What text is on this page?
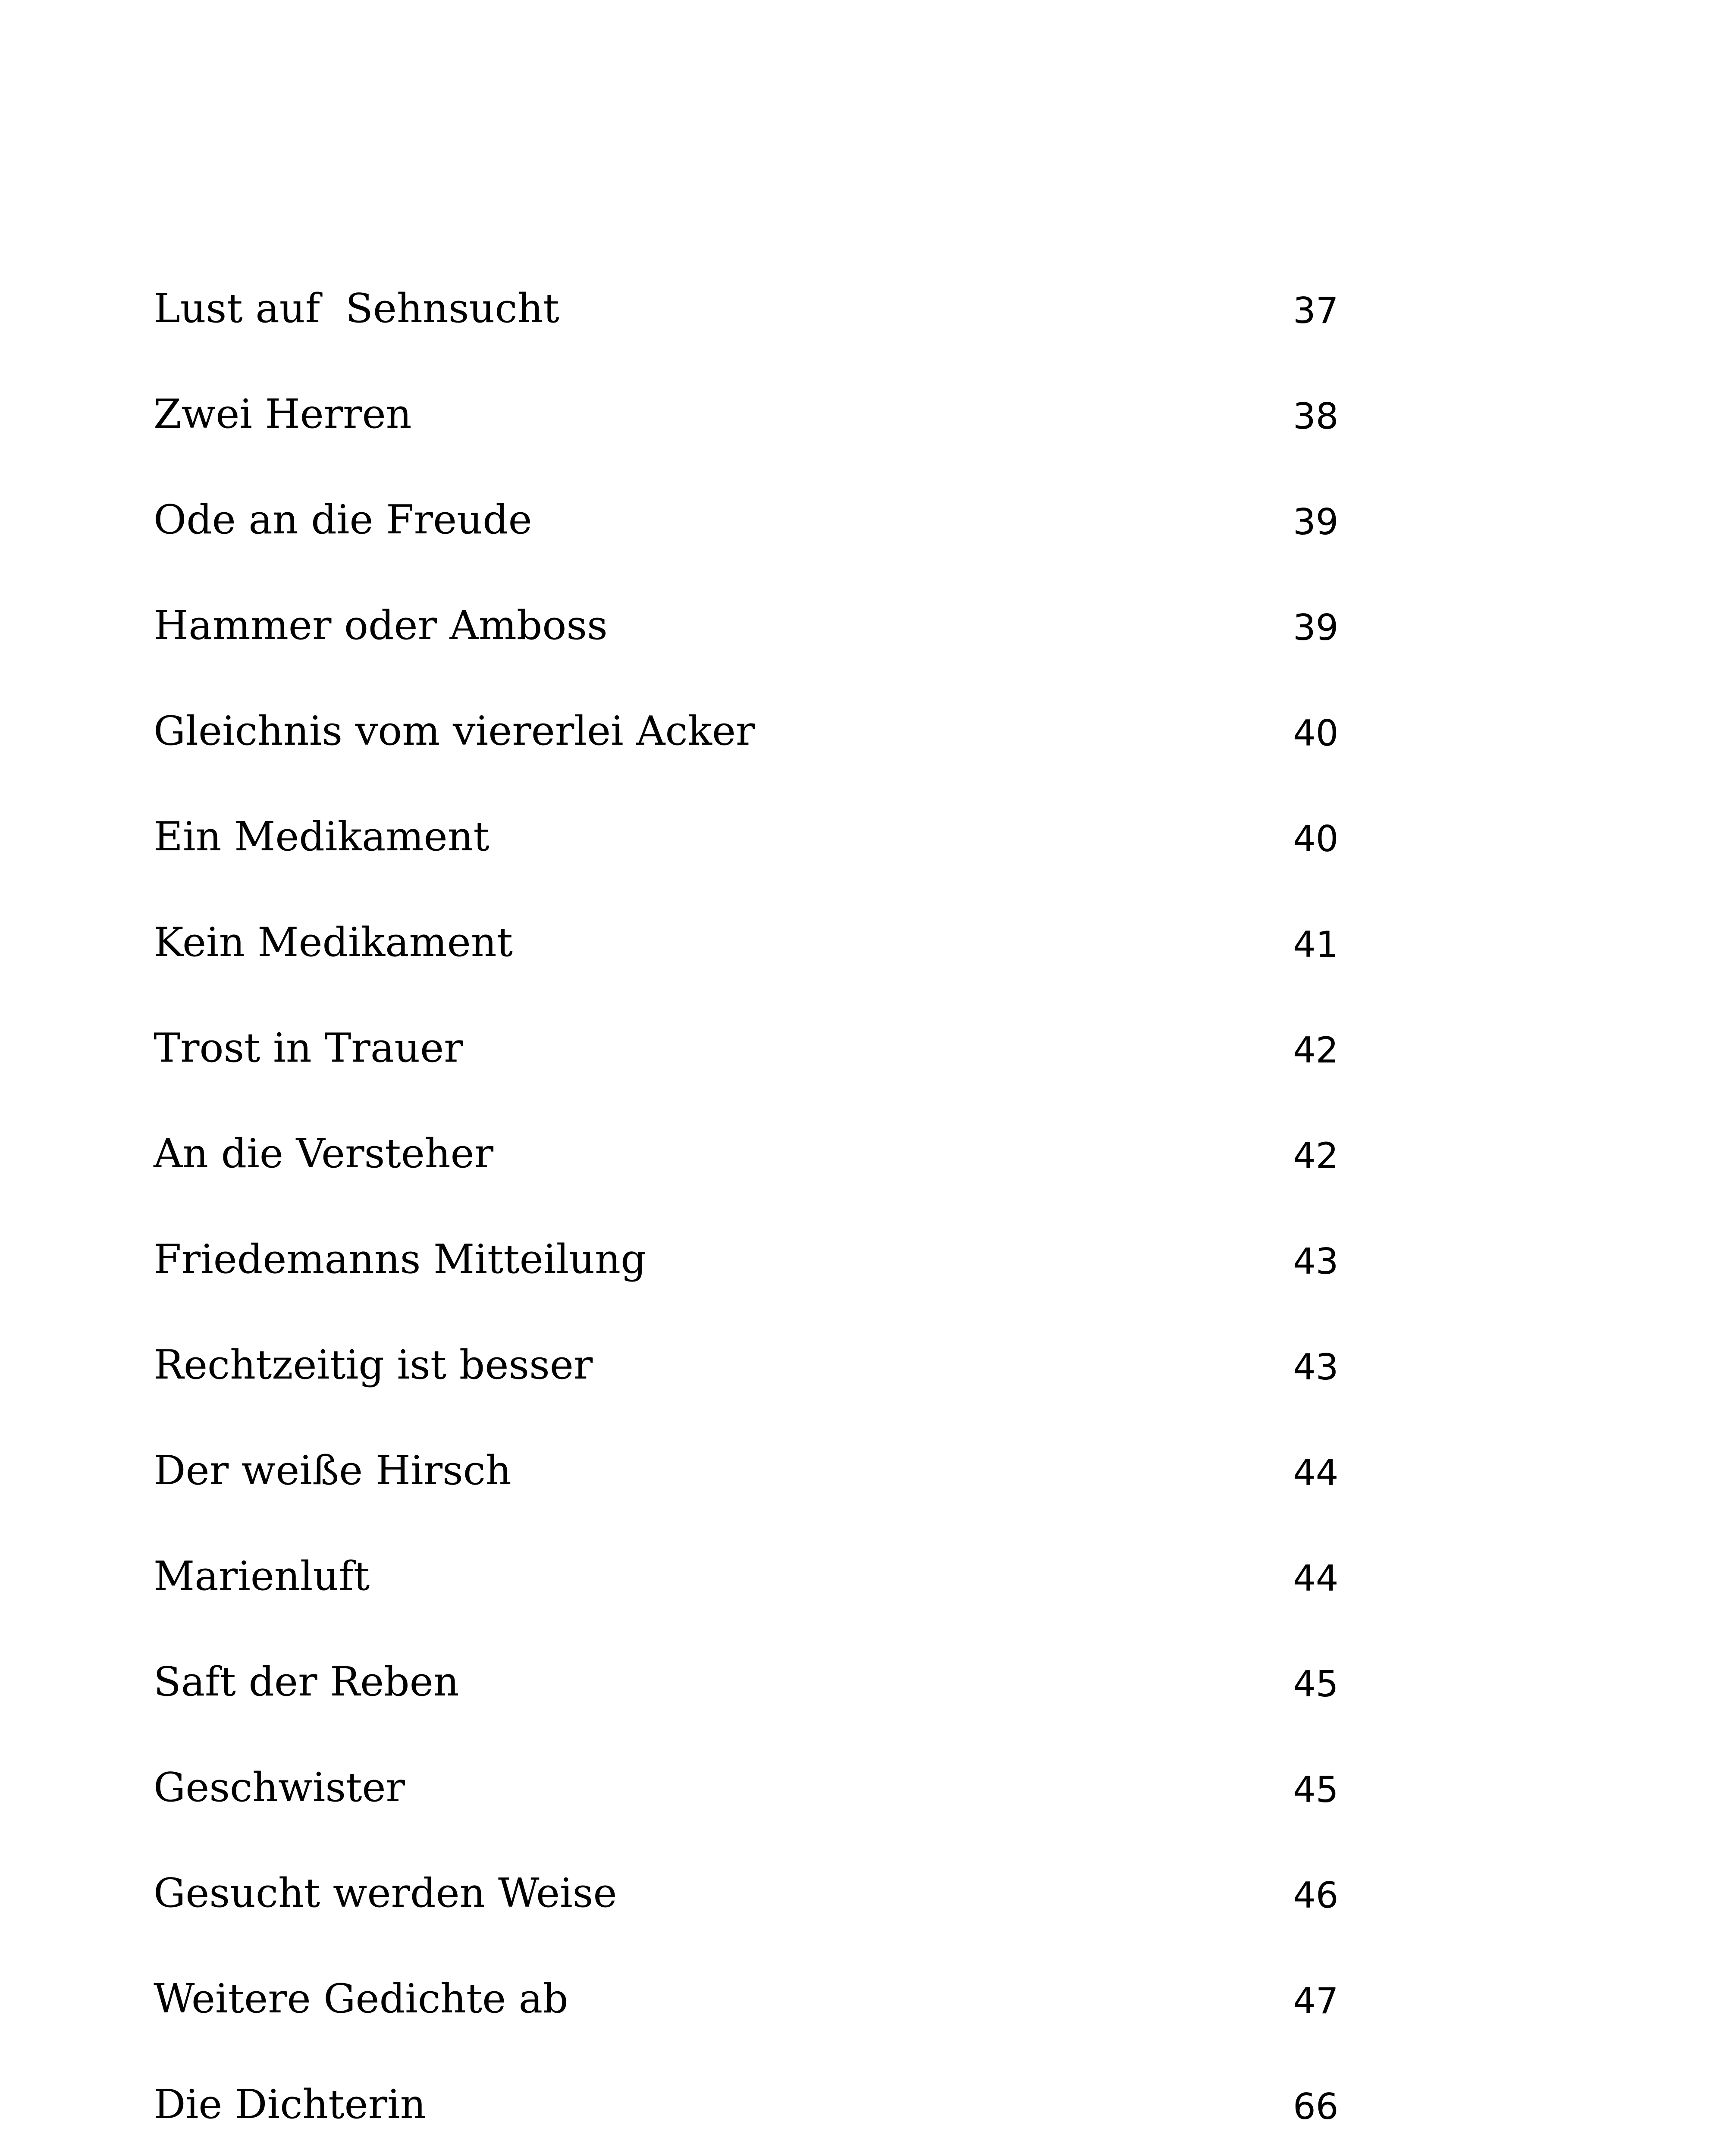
Lust auf  Sehnsucht	37
Zwei Herren	38
Ode an die Freude	39
Hammer oder Amboss	39
Gleichnis vom viererlei Acker	40
Ein Medikament	40
Kein Medikament	41
Trost in Trauer	42
An die Versteher	42
Friedemanns Mitteilung	43
Rechtzeitig ist besser	43
Der weiße Hirsch	44
Marienluft	44
Saft der Reben	45
Geschwister	45
Gesucht werden Weise	46
Weitere Gedichte ab	47
Die Dichterin	66
